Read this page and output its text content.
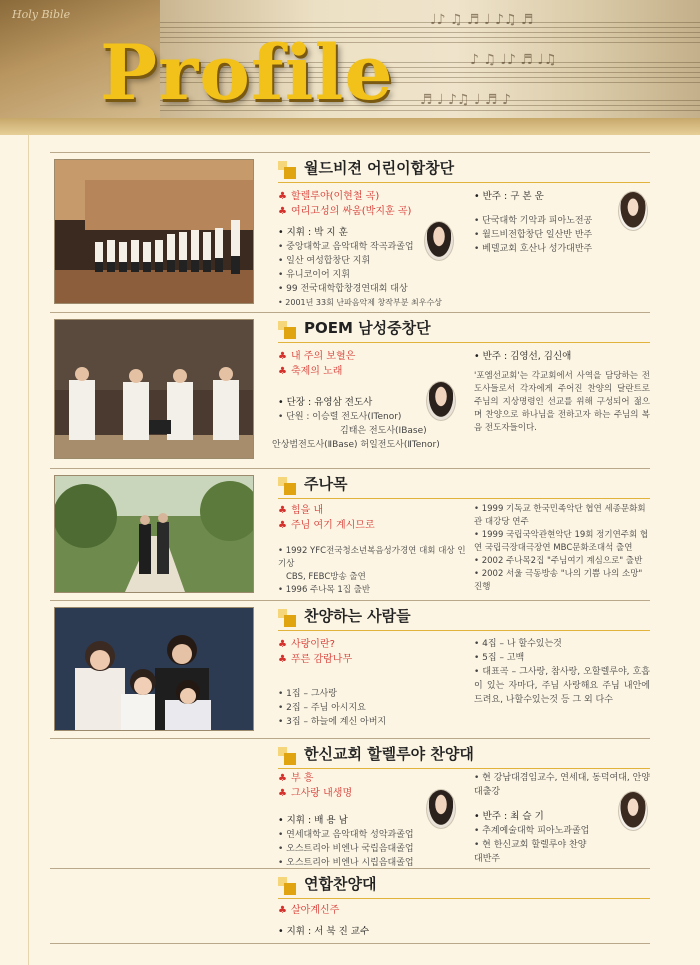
Holy Bible	♩♪ ♫ ♬ ♩ ♪♫ ♬
♪ ♫ ♩♪ ♬ ♩♫
♬ ♩ ♪♫ ♩ ♬ ♪
Profile
월드비젼 어린이합창단
♣ 할렐루야(이현철 곡)
♣ 여리고성의 싸움(박지훈 곡)
• 지휘 : 박 지 훈
• 중앙대학교 음악대학 작곡과졸업
• 일산 여성합창단 지휘
• 유니코이어 지휘
• 99 전국대학합창경연대회 대상
• 2001년 33회 난파음악제 창작부분 최우수상
• 반주 : 구 본 운
• 단국대학 기악과 피아노전공
• 월드비전합창단 일산반 반주
• 베델교회 호산나 성가대반주
POEM 남성중창단
♣ 내 주의 보혈은
♣ 축제의 노래
• 단장 : 유영삼 전도사
• 단원 : 이승렬 전도사(ⅠTenor)
김태은 전도사(ⅠBase)
안상범전도사(ⅡBase) 허일전도사(ⅡTenor)
• 반주 : 김영선, 김신애
'포엠선교회'는 각교회에서 사역을 담당하는 전도사들로서 각자에게 주어진 찬양의 달란트로 주님의 지상명령인 선교를 위해 구성되어 젊으며 찬양으로 하나님을 전하고자 하는 주님의 복음 전도자들이다.
주나목
♣ 힘을 내
♣ 주님 여기 계시므로
• 1992 YFC전국청소년복음성가경연 대회 대상 인기상
CBS, FEBC방송 출연
• 1996 주나목 1집 출반
• 1999 기독교 한국민족악단 협연 세종문화회관 대강당 연주
• 1999 국립국악관현악단 19회 정기연주회 협연 국립극장대극장연 MBC문화조대석 출연
• 2002 주나목2집 "주님여기 계심으로" 출반
• 2002 서울 극동방송 "나의 기쁨 나의 소망" 진행
찬양하는 사람들
♣ 사랑이란?
♣ 푸른 감람나무
• 1집 – 그사랑
• 2집 – 주님 아시지요
• 3집 – 하늘에 계신 아버지
• 4집 – 나 할수있는것
• 5집 – 고백
• 대표곡 – 그사랑, 참사랑, 오할렐루야, 호흡이 있는 자마다, 주님 사랑해요 주님 내안에 드려요, 나할수있는것 등 그 외 다수
한신교회 할렐루야 찬양대
♣ 부 흥
♣ 그사랑 내생명
• 지휘 : 배 용 남
• 연세대학교 음악대학 성악과졸업
• 오스트리아 비엔나 국립음대졸업
• 오스트리아 비엔나 시립음대졸업
• 현 강남대겸임교수, 연세대, 동덕여대, 안양대출강
• 반주 : 최 슬 기
• 추계예술대학 피아노과졸업
• 현 한신교회 할렐루야 찬양대반주
연합찬양대
♣ 살아계신주
• 지휘 : 서 북 진 교수
